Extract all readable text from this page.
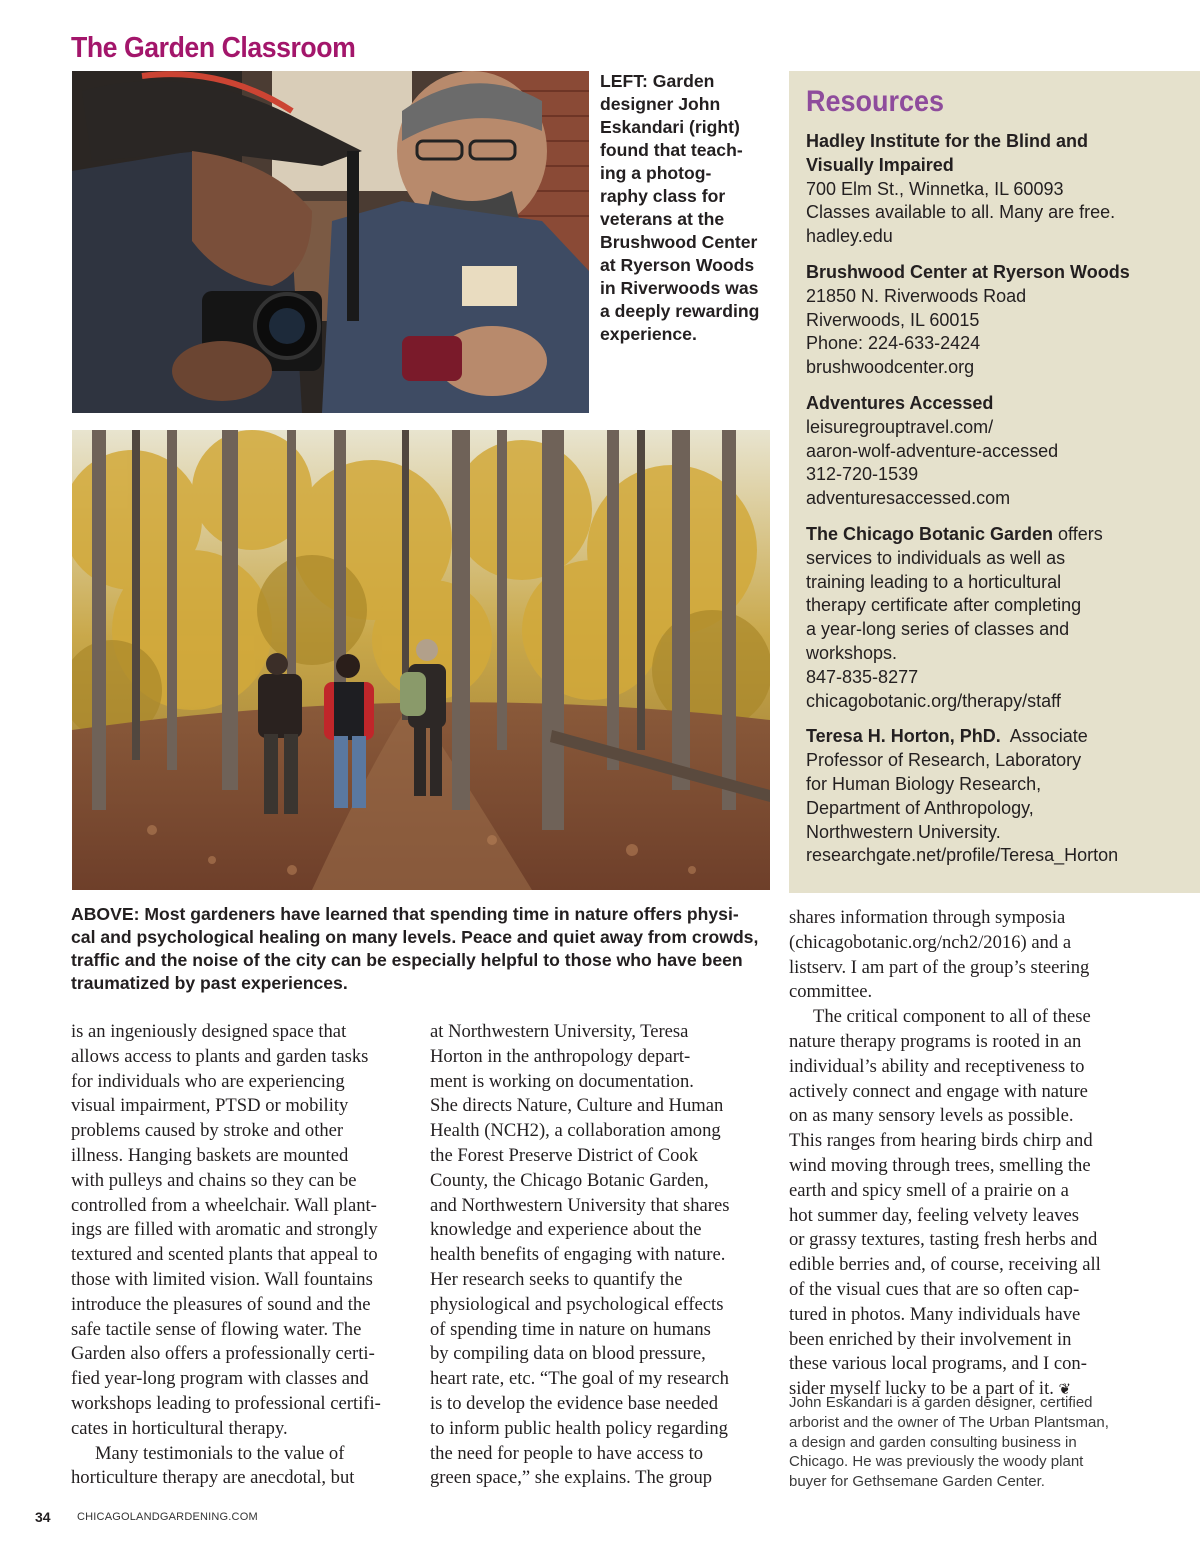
The Garden Classroom

LEFT: Garden

designer John

Eskandari (right)

found that teach-

ing a photog-

raphy class for

veterans at the

Brushwood Center

at Ryerson Woods

in Riverwoods was

a deeply rewarding

experience.

ABOVE: Most gardeners have learned that spending time in nature offers physi-

cal and psychological healing on many levels. Peace and quiet away from crowds,

traffic and the noise of the city can be especially helpful to those who have been

traumatized by past experiences.

Resources
Hadley Institute for the Blind and
Visually Impaired
700 Elm St., Winnetka, IL 60093
Classes available to all. Many are free.
hadley.edu
Brushwood Center at Ryerson Woods
21850 N. Riverwoods Road
Riverwoods, IL 60015
Phone: 224-633-2424
brushwoodcenter.org
Adventures Accessed
leisuregrouptravel.com/
aaron-wolf-adventure-accessed
312-720-1539
adventuresaccessed.com
The Chicago Botanic Garden offers
services to individuals as well as
training leading to a horticultural
therapy certificate after completing
a year-long series of classes and
workshops.
847-835-8277
chicagobotanic.org/therapy/staff
Teresa H. Horton, PhD.  Associate
Professor of Research, Laboratory
for Human Biology Research,
Department of Anthropology,
Northwestern University.
researchgate.net/profile/Teresa_Horton
is an ingeniously designed space that
allows access to plants and garden tasks
for individuals who are experiencing
visual impairment, PTSD or mobility
problems caused by stroke and other
illness. Hanging baskets are mounted
with pulleys and chains so they can be
controlled from a wheelchair. Wall plant-
ings are filled with aromatic and strongly
textured and scented plants that appeal to
those with limited vision. Wall fountains
introduce the pleasures of sound and the
safe tactile sense of flowing water. The
Garden also offers a professionally certi-
fied year-long program with classes and
workshops leading to professional certifi-
cates in horticultural therapy.
Many testimonials to the value of
horticulture therapy are anecdotal, but
at Northwestern University, Teresa
Horton in the anthropology depart-
ment is working on documentation.
She directs Nature, Culture and Human
Health (NCH2), a collaboration among
the Forest Preserve District of Cook
County, the Chicago Botanic Garden,
and Northwestern University that shares
knowledge and experience about the
health benefits of engaging with nature.
Her research seeks to quantify the
physiological and psychological effects
of spending time in nature on humans
by compiling data on blood pressure,
heart rate, etc. “The goal of my research
is to develop the evidence base needed
to inform public health policy regarding
the need for people to have access to
green space,” she explains. The group
shares information through symposia
(chicagobotanic.org/nch2/2016) and a
listserv. I am part of the group’s steering
committee.
The critical component to all of these
nature therapy programs is rooted in an
individual’s ability and receptiveness to
actively connect and engage with nature
on as many sensory levels as possible.
This ranges from hearing birds chirp and
wind moving through trees, smelling the
earth and spicy smell of a prairie on a
hot summer day, feeling velvety leaves
or grassy textures, tasting fresh herbs and
edible berries and, of course, receiving all
of the visual cues that are so often cap-
tured in photos. Many individuals have
been enriched by their involvement in
these various local programs, and I con-
sider myself lucky to be a part of it. ❦
John Eskandari is a garden designer, certified
arborist and the owner of The Urban Plantsman,
a design and garden consulting business in
Chicago. He was previously the woody plant
buyer for Gethsemane Garden Center.
34 CHICAGOLANDGARDENING.COM
